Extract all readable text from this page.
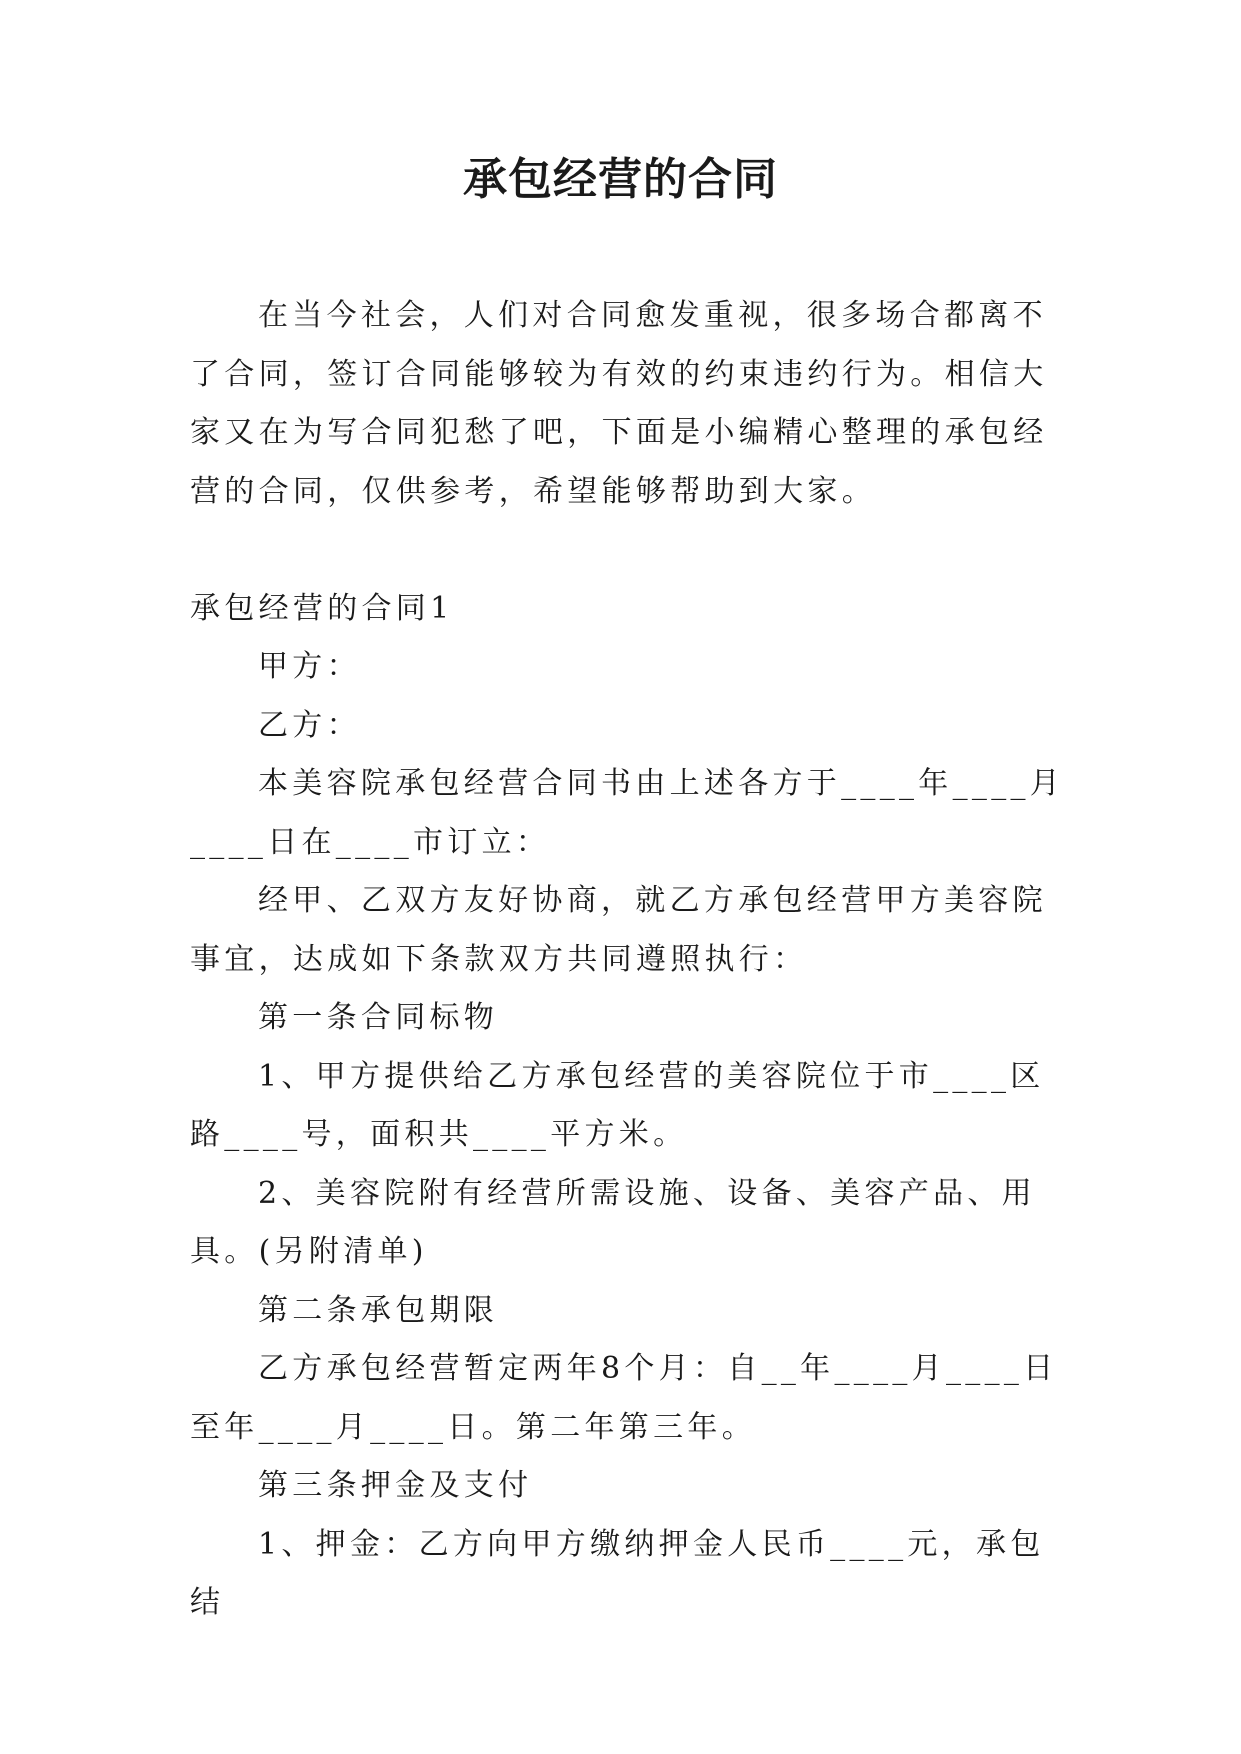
承包经营的合同

在当今社会，人们对合同愈发重视，很多场合都离不了合同，签订合同能够较为有效的约束违约行为。相信大家又在为写合同犯愁了吧，下面是小编精心整理的承包经营的合同，仅供参考，希望能够帮助到大家。

承包经营的合同1

甲方：

乙方：

本美容院承包经营合同书由上述各方于____年____月____日在____市订立：

经甲、乙双方友好协商，就乙方承包经营甲方美容院事宜，达成如下条款双方共同遵照执行：

第一条合同标物

1、甲方提供给乙方承包经营的美容院位于市____区路____号，面积共____平方米。

2、美容院附有经营所需设施、设备、美容产品、用具。(另附清单)

第二条承包期限

乙方承包经营暂定两年8个月：自__年____月____日至年____月____日。第二年第三年。

第三条押金及支付

1、押金：乙方向甲方缴纳押金人民币____元，承包结
